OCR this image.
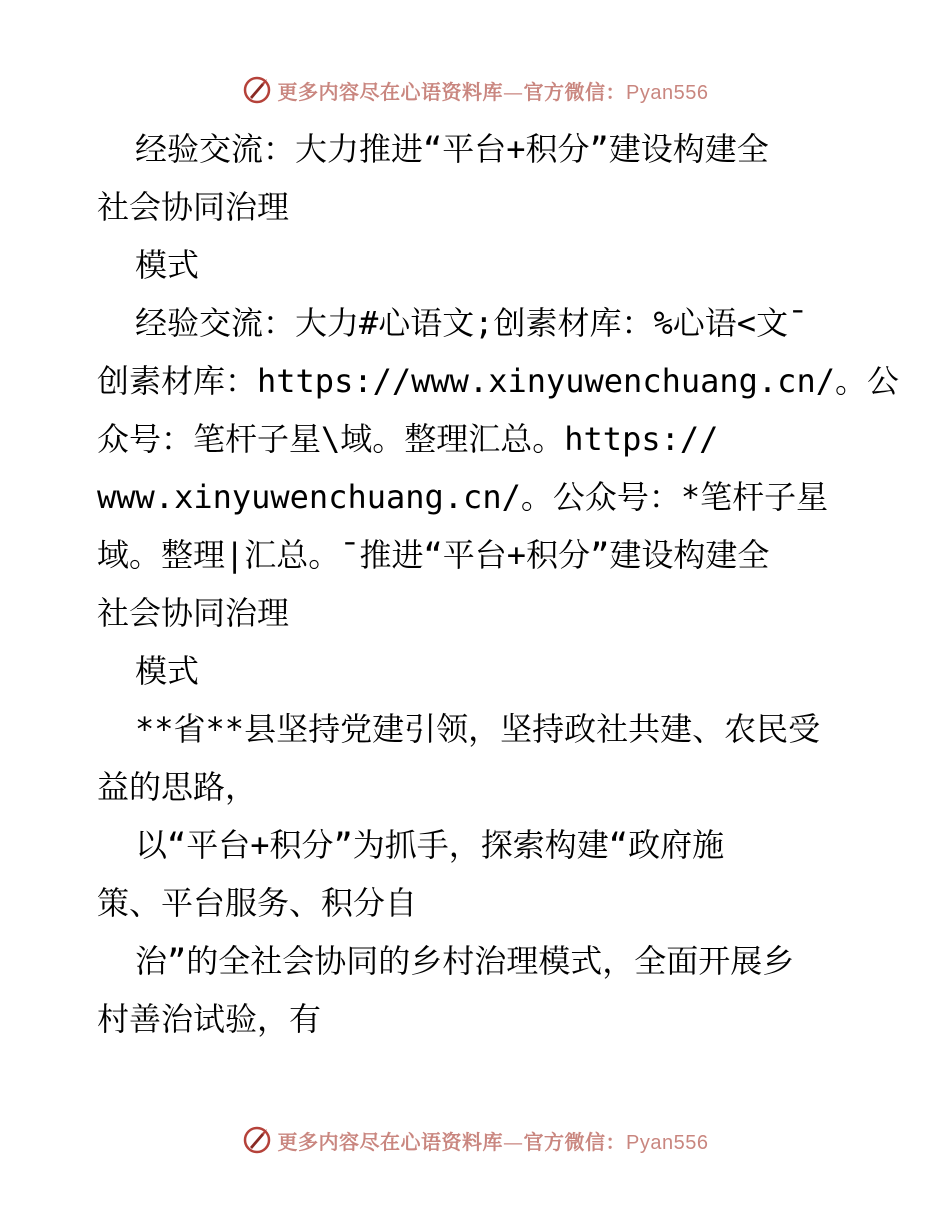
更多内容尽在心语资料库—官方微信：Pyan556
经验交流：大力推进“平台+积分”建设构建全
社会协同治理
模式
经验交流：大力#心语文;创素材库：%心语<文¯
创素材库：https://www.xinyuwenchuang.cn/。公
众号：笔杆子星\域。整理汇总。https://
www.xinyuwenchuang.cn/。公众号：*笔杆子星
域。整理|汇总。¯推进“平台+积分”建设构建全
社会协同治理
模式
**省**县坚持党建引领，坚持政社共建、农民受
益的思路，
以“平台+积分”为抓手，探索构建“政府施
策、平台服务、积分自
治”的全社会协同的乡村治理模式，全面开展乡
村善治试验，有
更多内容尽在心语资料库—官方微信：Pyan556
